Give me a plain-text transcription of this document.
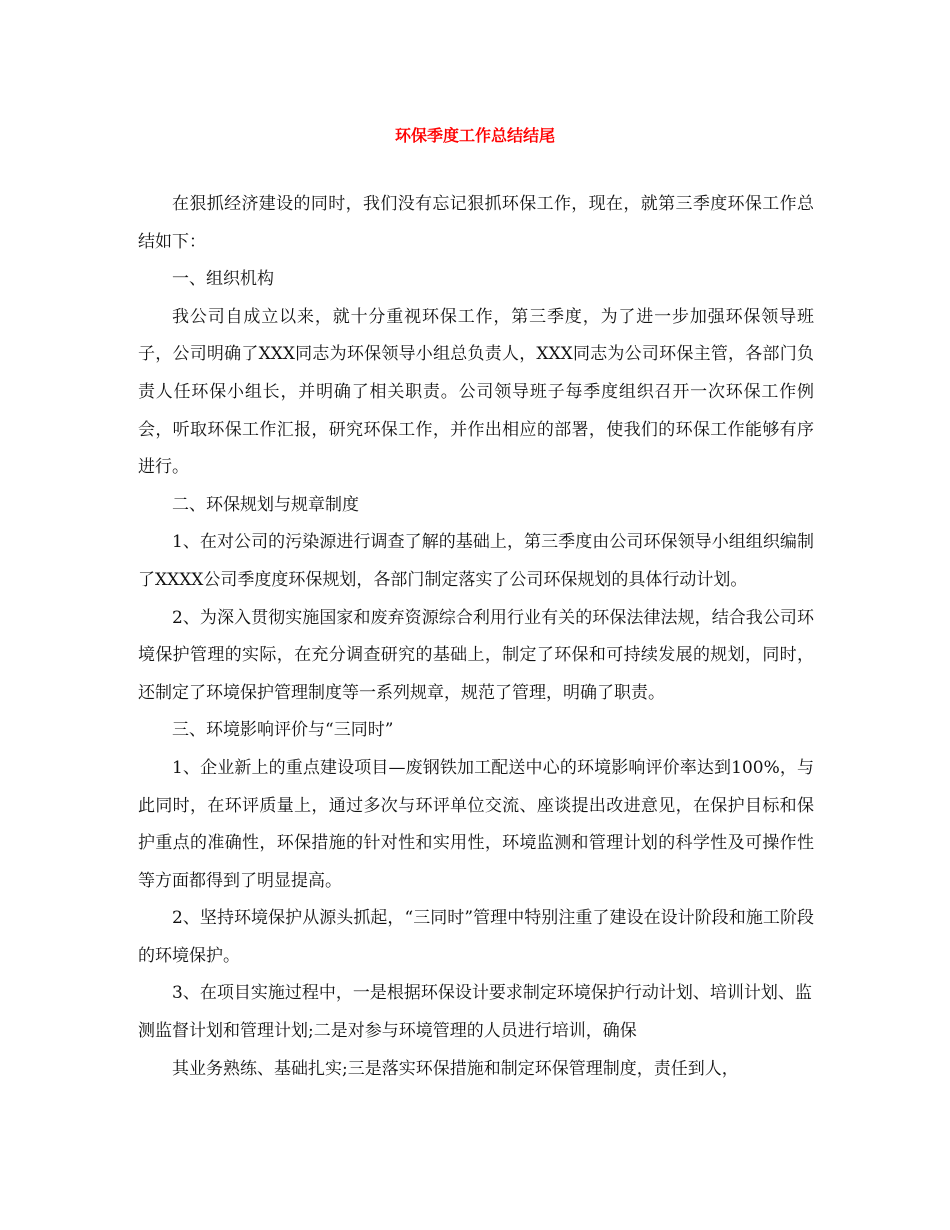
环保季度工作总结结尾

在狠抓经济建设的同时，我们没有忘记狠抓环保工作，现在，就第三季度环保工作总结如下：

一、组织机构

我公司自成立以来，就十分重视环保工作，第三季度，为了进一步加强环保领导班子，公司明确了XXX同志为环保领导小组总负责人，XXX同志为公司环保主管，各部门负责人任环保小组长，并明确了相关职责。公司领导班子每季度组织召开一次环保工作例会，听取环保工作汇报，研究环保工作，并作出相应的部署，使我们的环保工作能够有序进行。

二、环保规划与规章制度

1、在对公司的污染源进行调查了解的基础上，第三季度由公司环保领导小组组织编制了XXXX公司季度度环保规划，各部门制定落实了公司环保规划的具体行动计划。

2、为深入贯彻实施国家和废弃资源综合利用行业有关的环保法律法规，结合我公司环境保护管理的实际，在充分调查研究的基础上，制定了环保和可持续发展的规划，同时，还制定了环境保护管理制度等一系列规章，规范了管理，明确了职责。

三、环境影响评价与“三同时”

1、企业新上的重点建设项目—废钢铁加工配送中心的环境影响评价率达到100%，与此同时，在环评质量上，通过多次与环评单位交流、座谈提出改进意见，在保护目标和保护重点的准确性，环保措施的针对性和实用性，环境监测和管理计划的科学性及可操作性等方面都得到了明显提高。

2、坚持环境保护从源头抓起，“三同时”管理中特别注重了建设在设计阶段和施工阶段的环境保护。

3、在项目实施过程中，一是根据环保设计要求制定环境保护行动计划、培训计划、监测监督计划和管理计划;二是对参与环境管理的人员进行培训，确保

其业务熟练、基础扎实;三是落实环保措施和制定环保管理制度，责任到人，
